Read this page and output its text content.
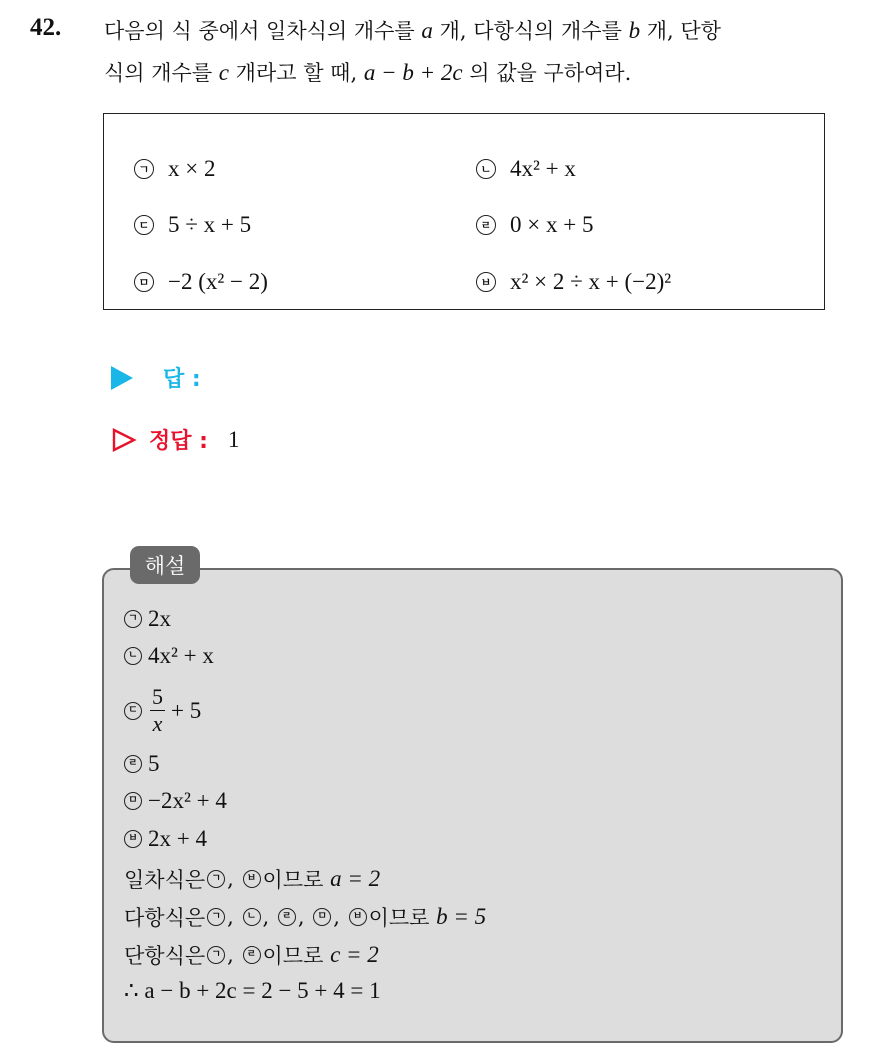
42. 다음의 식 중에서 일차식의 개수를 a 개, 다항식의 개수를 b 개, 단항
식의 개수를 c 개라고 할 때, a − b + 2c 의 값을 구하여라.
ㄱ x × 2	ㄴ 4x² + x
ㄷ 5 ÷ x + 5	ㄹ 0 × x + 5
ㅁ −2 (x² − 2)	ㅂ x² × 2 ÷ x + (−2)²
답 :
정답 : 1
해설
ㄱ 2x
ㄴ 4x² + x
ㄷ $\frac{5}{x} + 5$
ㄹ 5
ㅁ −2x² + 4
ㅂ 2x + 4
일차식은 ㄱ , ㅂ 이므로
a = 2
다항식은 ㄱ , ㄴ , ㄹ , ㅁ , ㅂ 이므로
b = 5
단항식은 ㄱ , ㄹ 이므로
c = 2
∴ a − b + 2c = 2 − 5 + 4 = 1
